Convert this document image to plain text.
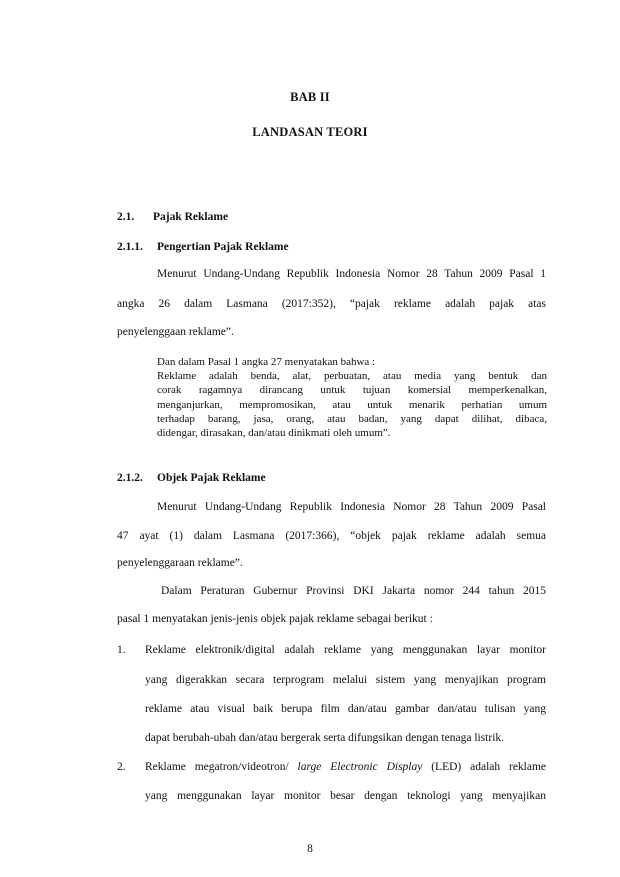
BAB II
LANDASAN TEORI
2.1. Pajak Reklame
2.1.1. Pengertian Pajak Reklame
Menurut Undang-Undang Republik Indonesia Nomor 28 Tahun 2009 Pasal 1
angka 26 dalam Lasmana (2017:352), “pajak reklame adalah pajak atas
penyelenggaan reklame”.
Dan dalam Pasal 1 angka 27 menyatakan bahwa :
Reklame adalah benda, alat, perbuatan, atau media yang bentuk dan
corak ragamnya dirancang untuk tujuan komersial memperkenalkan,
menganjurkan, mempromosikan, atau untuk menarik perhatian umum
terhadap barang, jasa, orang, atau badan, yang dapat dilihat, dibaca,
didengar, dirasakan, dan/atau dinikmati oleh umum”.
2.1.2. Objek Pajak Reklame
Menurut Undang-Undang Republik Indonesia Nomor 28 Tahun 2009 Pasal
47 ayat (1) dalam Lasmana (2017:366), “objek pajak reklame adalah semua
penyelenggaraan reklame”.
Dalam Peraturan Gubernur Provinsi DKI Jakarta nomor 244 tahun 2015
pasal 1 menyatakan jenis-jenis objek pajak reklame sebagai berikut :
1. Reklame elektronik/digital adalah reklame yang menggunakan layar monitor
yang digerakkan secara terprogram melalui sistem yang menyajikan program
reklame atau visual baik berupa film dan/atau gambar dan/atau tulisan yang
dapat berubah-ubah dan/atau bergerak serta difungsikan dengan tenaga listrik.
2. Reklame megatron/videotron/ large Electronic Display (LED) adalah reklame
yang menggunakan layar monitor besar dengan teknologi yang menyajikan
8
